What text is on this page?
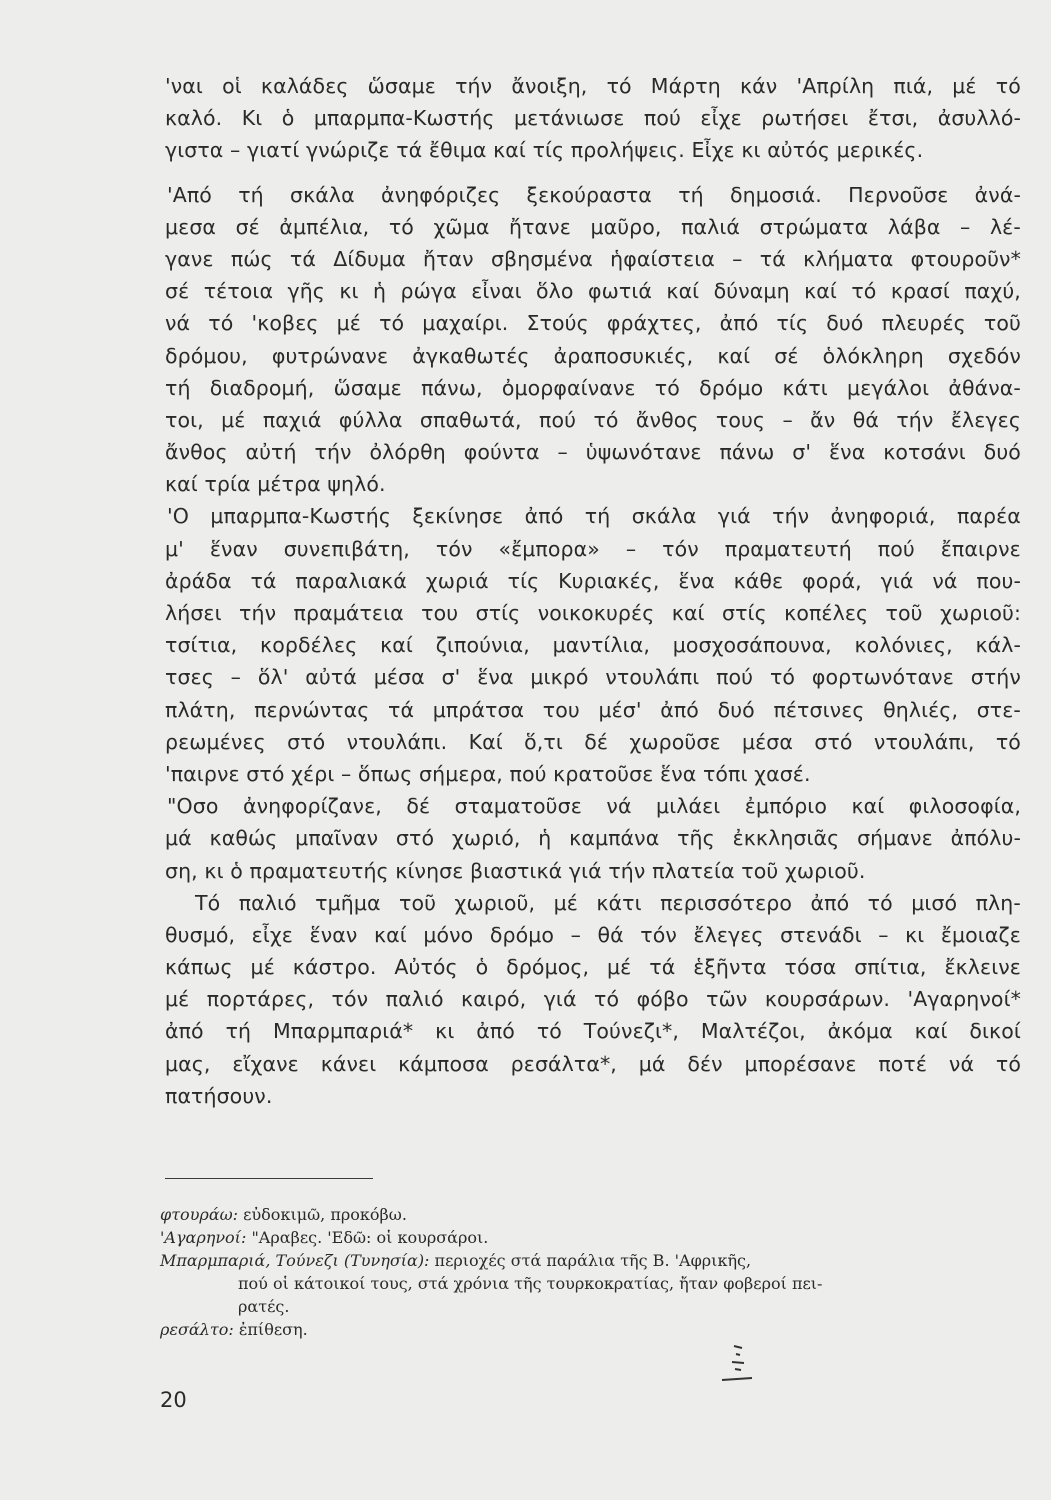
'ναι οἱ καλάδες ὥσαμε τήν ἄνοιξη, τό Μάρτη κάν 'Απρίλη πιά, μέ τό
καλό. Κι ὁ μπαρμπα-Κωστής μετάνιωσε πού εἶχε ρωτήσει ἔτσι, ἀσυλλό-
γιστα – γιατί γνώριζε τά ἔθιμα καί τίς προλήψεις. Εἶχε κι αὐτός μερικές.
'Από τή σκάλα ἀνηφόριζες ξεκούραστα τή δημοσιά. Περνοῦσε ἀνά-
μεσα σέ ἀμπέλια, τό χῶμα ἤτανε μαῦρο, παλιά στρώματα λάβα – λέ-
γανε πώς τά Δίδυμα ἤταν σβησμένα ἡφαίστεια – τά κλήματα φτουροῦν*
σέ τέτοια γῆς κι ἡ ρώγα εἶναι ὅλο φωτιά καί δύναμη καί τό κρασί παχύ,
νά τό 'κοβες μέ τό μαχαίρι. Στούς φράχτες, ἀπό τίς δυό πλευρές τοῦ
δρόμου, φυτρώνανε ἀγκαθωτές ἀραποσυκιές, καί σέ ὁλόκληρη σχεδόν
τή διαδρομή, ὥσαμε πάνω, ὀμορφαίνανε τό δρόμο κάτι μεγάλοι ἀθάνα-
τοι, μέ παχιά φύλλα σπαθωτά, πού τό ἄνθος τους – ἄν θά τήν ἔλεγες
ἄνθος αὐτή τήν ὀλόρθη φούντα – ὑψωνότανε πάνω σ' ἕνα κοτσάνι δυό
καί τρία μέτρα ψηλό.
'Ο μπαρμπα-Κωστής ξεκίνησε ἀπό τή σκάλα γιά τήν ἀνηφοριά, παρέα
μ' ἕναν συνεπιβάτη, τόν «ἔμπορα» – τόν πραματευτή πού ἔπαιρνε
ἀράδα τά παραλιακά χωριά τίς Κυριακές, ἕνα κάθε φορά, γιά νά που-
λήσει τήν πραμάτεια του στίς νοικοκυρές καί στίς κοπέλες τοῦ χωριοῦ:
τσίτια, κορδέλες καί ζιπούνια, μαντίλια, μοσχοσάπουνα, κολόνιες, κάλ-
τσες – ὅλ' αὐτά μέσα σ' ἕνα μικρό ντουλάπι πού τό φορτωνότανε στήν
πλάτη, περνώντας τά μπράτσα του μέσ' ἀπό δυό πέτσινες θηλιές, στε-
ρεωμένες στό ντουλάπι. Καί ὅ,τι δέ χωροῦσε μέσα στό ντουλάπι, τό
'παιρνε στό χέρι – ὅπως σήμερα, πού κρατοῦσε ἕνα τόπι χασέ.
"Οσο ἀνηφορίζανε, δέ σταματοῦσε νά μιλάει ἐμπόριο καί φιλοσοφία,
μά καθώς μπαῖναν στό χωριό, ἡ καμπάνα τῆς ἐκκλησιᾶς σήμανε ἀπόλυ-
ση, κι ὁ πραματευτής κίνησε βιαστικά γιά τήν πλατεία τοῦ χωριοῦ.
Τό παλιό τμῆμα τοῦ χωριοῦ, μέ κάτι περισσότερο ἀπό τό μισό πλη-
θυσμό, εἶχε ἕναν καί μόνο δρόμο – θά τόν ἔλεγες στενάδι – κι ἔμοιαζε
κάπως μέ κάστρο. Αὐτός ὁ δρόμος, μέ τά ἑξῆντα τόσα σπίτια, ἔκλεινε
μέ πορτάρες, τόν παλιό καιρό, γιά τό φόβο τῶν κουρσάρων. 'Αγαρηνοί*
ἀπό τή Μπαρμπαριά* κι ἀπό τό Τούνεζι*, Μαλτέζοι, ἀκόμα καί δικοί
μας, εἴχανε κάνει κάμποσα ρεσάλτα*, μά δέν μπορέσανε ποτέ νά τό
πατήσουν.
φτουράω: εὐδοκιμῶ, προκόβω.
'Αγαρηνοί: "Αραβες. 'Εδῶ: οἱ κουρσάροι.
Μπαρμπαριά, Τούνεζι (Τυνησία): περιοχές στά παράλια τῆς Β. 'Αφρικῆς,
πού οἱ κάτοικοί τους, στά χρόνια τῆς τουρκοκρατίας, ἤταν φοβεροί πει-
ρατές.
ρεσάλτο: ἐπίθεση.
20
